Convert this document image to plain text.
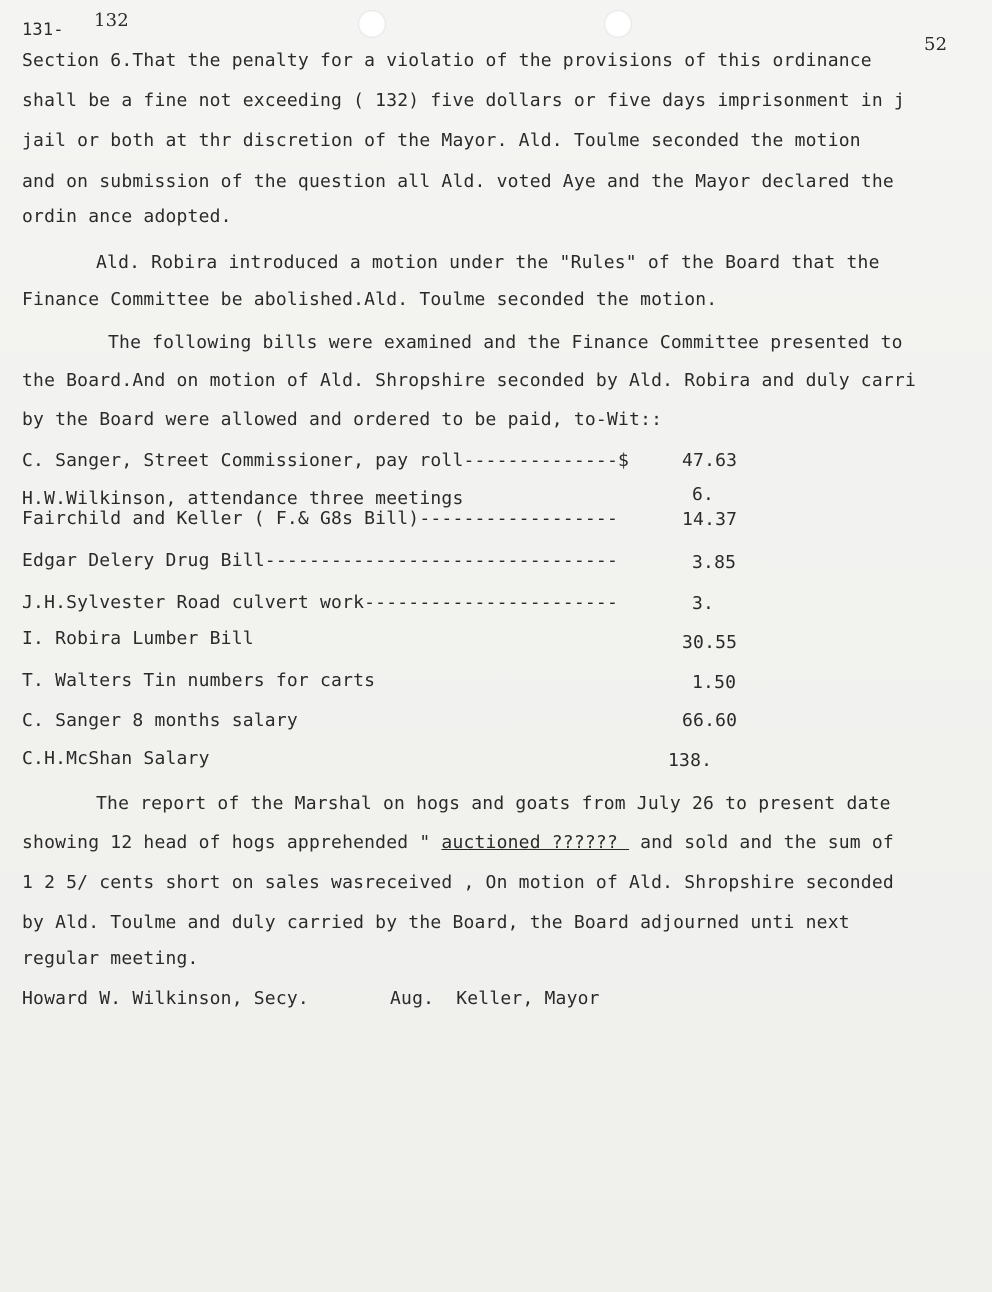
131- 132
52
Section 6.That the penalty for a violatio of the provisions of this ordinance
shall be a fine not exceeding ( 132) five dollars or five days imprisonment in j
jail or both at thr discretion of the Mayor. Ald. Toulme seconded the motion
and on submission of the question all Ald. voted Aye and the Mayor declared the
ordin ance adopted.
Ald. Robira introduced a motion under the "Rules" of the Board that the
Finance Committee be abolished.Ald. Toulme seconded the motion.
The following bills were examined and the Finance Committee presented to
the Board.And on motion of Ald. Shropshire seconded by Ald. Robira and duly carri
by the Board were allowed and ordered to be paid, to-Wit::
C. Sanger, Street Commissioner, pay roll--------------$	47.63
H.W.Wilkinson, attendance three meetings	6.
Fairchild and Keller ( F.& G8s Bill)------------------	14.37
Edgar Delery Drug Bill--------------------------------	3.85
J.H.Sylvester Road culvert work-----------------------	3.
I. Robira Lumber Bill	30.55
T. Walters Tin numbers for carts	1.50
C. Sanger 8 months salary	66.60
C.H.McShan Salary	138.
The report of the Marshal on hogs and goats from July 26 to present date
showing 12 head of hogs apprehended " auctioned ??????  and sold and the sum of
1 2 5/ cents short on sales wasreceived , On motion of Ald. Shropshire seconded
by Ald. Toulme and duly carried by the Board, the Board adjourned unti next
regular meeting.
Howard W. Wilkinson, Secy.	Aug.  Keller, Mayor
